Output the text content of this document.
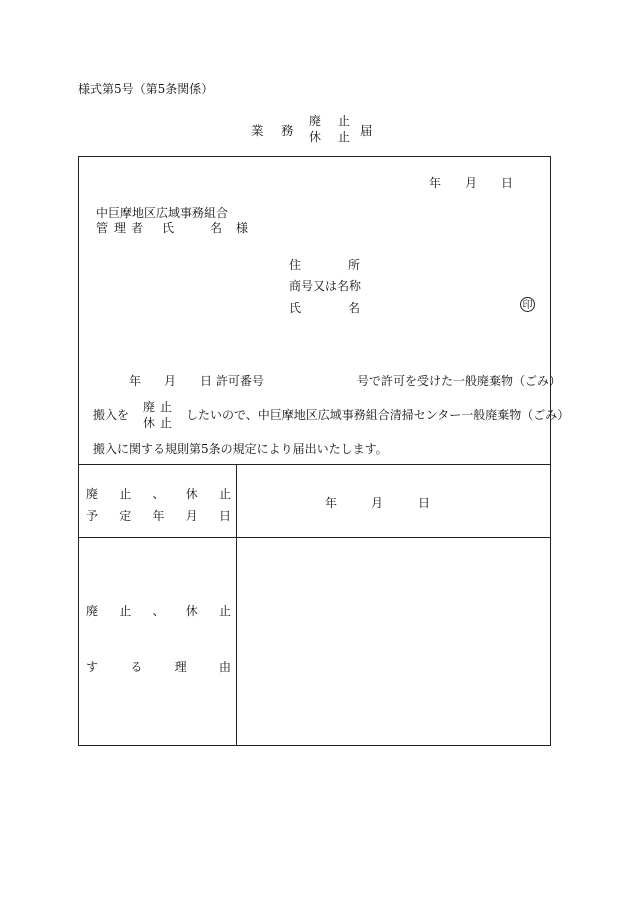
様式第5号（第5条関係）
業 務
廃 止
休 止 届
年 月 日
中巨摩地区広域事務組合
管 理 者 氏	名 様
住	所
商号又は名称
氏	名	印
年 月 日 許可番号	号で許可を受けた一般廃棄物（ごみ）
搬入を
廃 止
休 止
したいので、中巨摩地区広域事務組合清掃センター一般廃棄物（ごみ）
搬入に関する規則第5条の規定により届出いたします。
廃 止 、 休 止
予 定 年 月 日
年	月	日
廃 止 、 休 止
す	る	理	由
